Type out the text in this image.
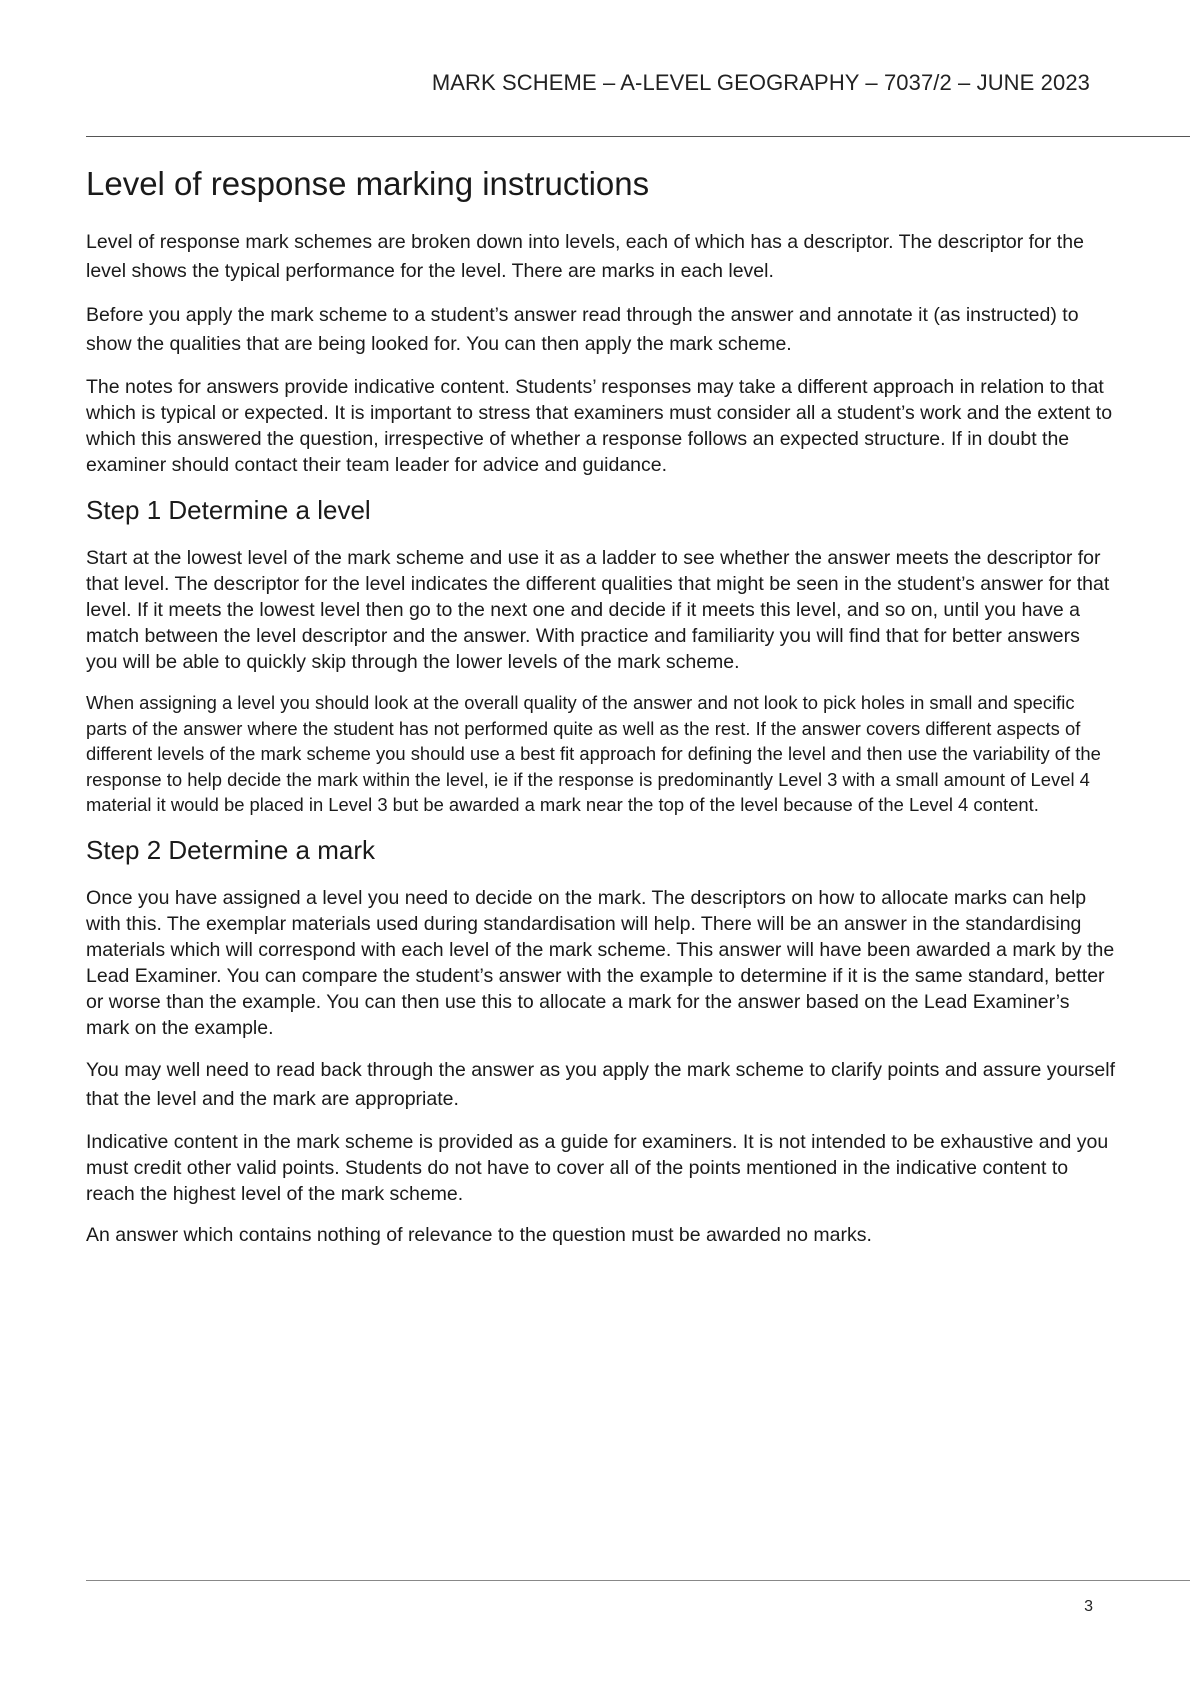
MARK SCHEME – A-LEVEL GEOGRAPHY – 7037/2 – JUNE 2023
Level of response marking instructions

Level of response mark schemes are broken down into levels, each of which has a descriptor. The descriptor for the level shows the typical performance for the level. There are marks in each level.

Before you apply the mark scheme to a student’s answer read through the answer and annotate it (as instructed) to show the qualities that are being looked for. You can then apply the mark scheme.

The notes for answers provide indicative content. Students’ responses may take a different approach in relation to that which is typical or expected. It is important to stress that examiners must consider all a student’s work and the extent to which this answered the question, irrespective of whether a response follows an expected structure. If in doubt the examiner should contact their team leader for advice and guidance.

Step 1 Determine a level

Start at the lowest level of the mark scheme and use it as a ladder to see whether the answer meets the descriptor for that level. The descriptor for the level indicates the different qualities that might be seen in the student’s answer for that level. If it meets the lowest level then go to the next one and decide if it meets this level, and so on, until you have a match between the level descriptor and the answer. With practice and familiarity you will find that for better answers you will be able to quickly skip through the lower levels of the mark scheme.

When assigning a level you should look at the overall quality of the answer and not look to pick holes in small and specific parts of the answer where the student has not performed quite as well as the rest. If the answer covers different aspects of different levels of the mark scheme you should use a best fit approach for defining the level and then use the variability of the response to help decide the mark within the level, ie if the response is predominantly Level 3 with a small amount of Level 4 material it would be placed in Level 3 but be awarded a mark near the top of the level because of the Level 4 content.

Step 2 Determine a mark

Once you have assigned a level you need to decide on the mark. The descriptors on how to allocate marks can help with this. The exemplar materials used during standardisation will help. There will be an answer in the standardising materials which will correspond with each level of the mark scheme. This answer will have been awarded a mark by the Lead Examiner. You can compare the student’s answer with the example to determine if it is the same standard, better or worse than the example. You can then use this to allocate a mark for the answer based on the Lead Examiner’s mark on the example.

You may well need to read back through the answer as you apply the mark scheme to clarify points and assure yourself that the level and the mark are appropriate.

Indicative content in the mark scheme is provided as a guide for examiners. It is not intended to be exhaustive and you must credit other valid points. Students do not have to cover all of the points mentioned in the indicative content to reach the highest level of the mark scheme.

An answer which contains nothing of relevance to the question must be awarded no marks.

3
